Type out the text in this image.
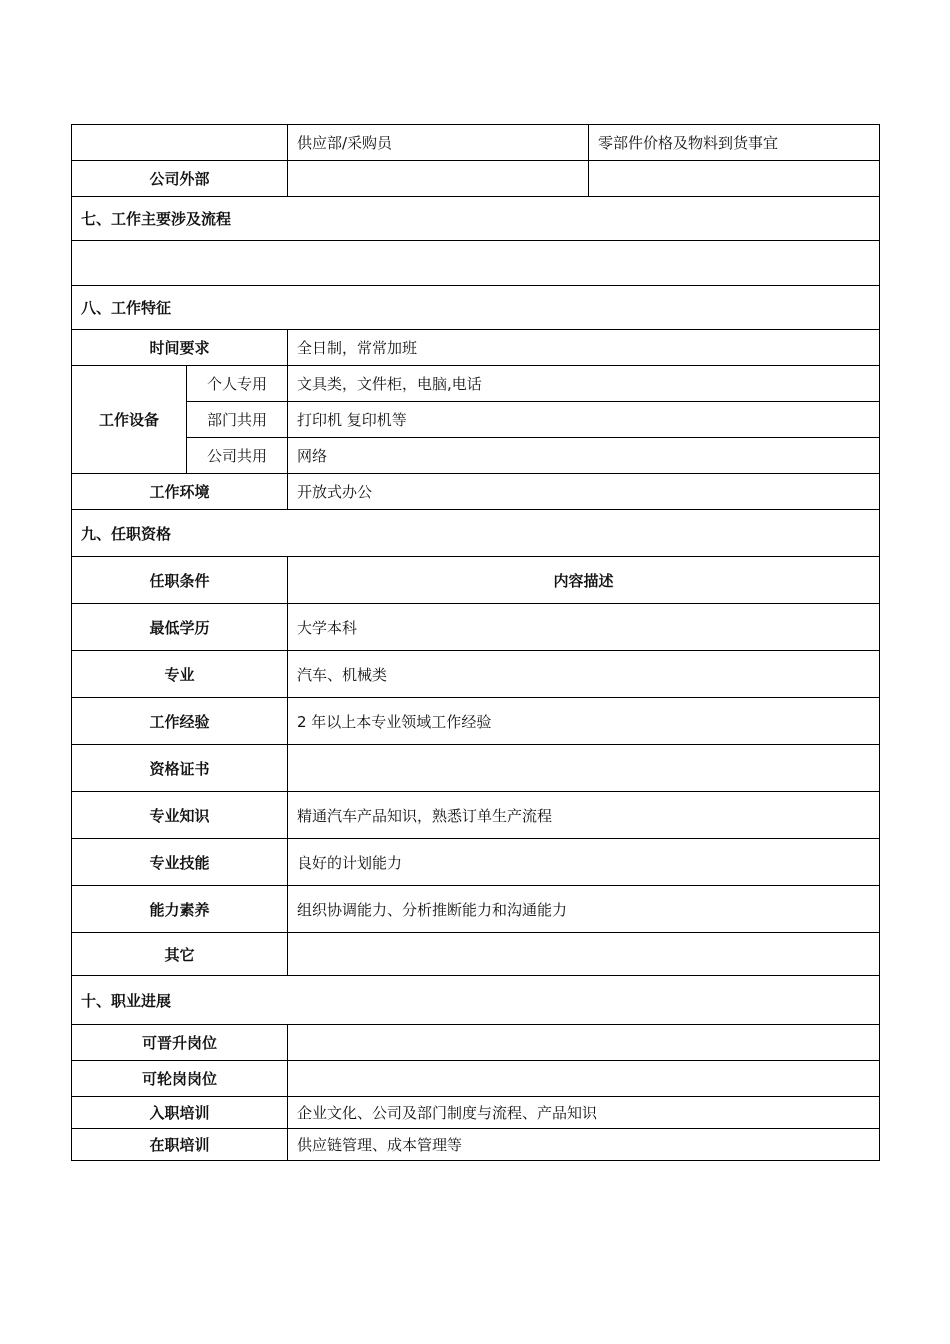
		供应部/采购员	零部件价格及物料到货事宜
公司外部			
七、工作主要涉及流程			

八、工作特征			
时间要求		全日制，常常加班	
工作设备	个人专用	文具类，文件柜，电脑,电话	
	部门共用	打印机 复印机等	
	公司共用	网络	
工作环境		开放式办公	
九、任职资格			
任职条件		内容描述	
最低学历		大学本科	
专业		汽车、机械类	
工作经验		2 年以上本专业领域工作经验	
资格证书			
专业知识		精通汽车产品知识，熟悉订单生产流程	
专业技能		良好的计划能力	
能力素养		组织协调能力、分析推断能力和沟通能力	
其它			
十、职业进展			
可晋升岗位			
可轮岗岗位			
入职培训		企业文化、公司及部门制度与流程、产品知识	
在职培训		供应链管理、成本管理等	
